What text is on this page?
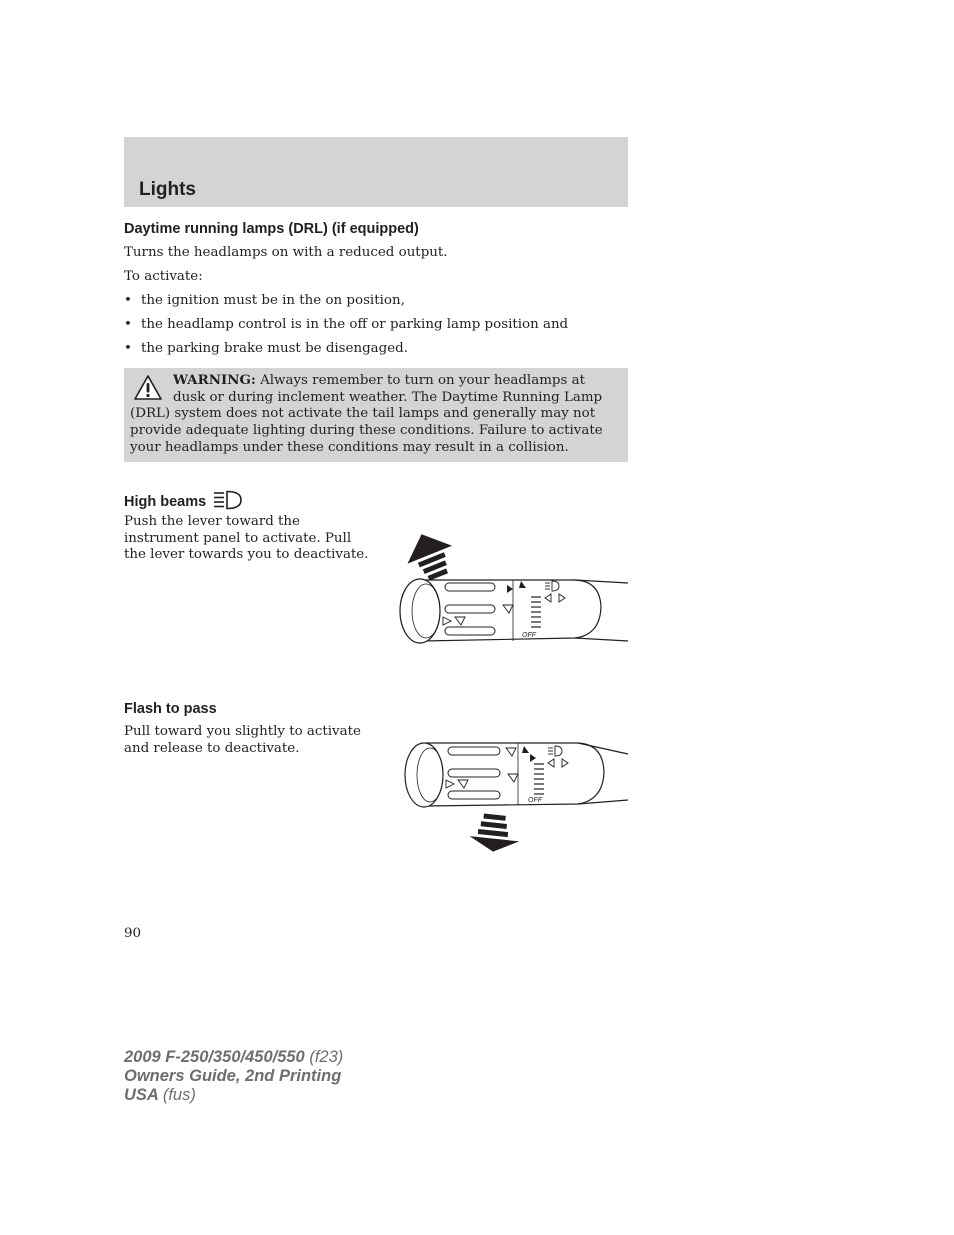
Lights
Daytime running lamps (DRL) (if equipped)

Turns the headlamps on with a reduced output.

To activate:

• the ignition must be in the on position,
• the headlamp control is in the off or parking lamp position and
• the parking brake must be disengaged.

WARNING: Always remember to turn on your headlamps at
dusk or during inclement weather. The Daytime Running Lamp
(DRL) system does not activate the tail lamps and generally may not
provide adequate lighting during these conditions. Failure to activate
your headlamps under these conditions may result in a collision.

High beams

Push the lever toward the
instrument panel to activate. Pull
the lever towards you to deactivate.

OFF
Flash to pass

Pull toward you slightly to activate
and release to deactivate.

OFF
90
2009 F-250/350/450/550 (f23)
Owners Guide, 2nd Printing
USA (fus)
